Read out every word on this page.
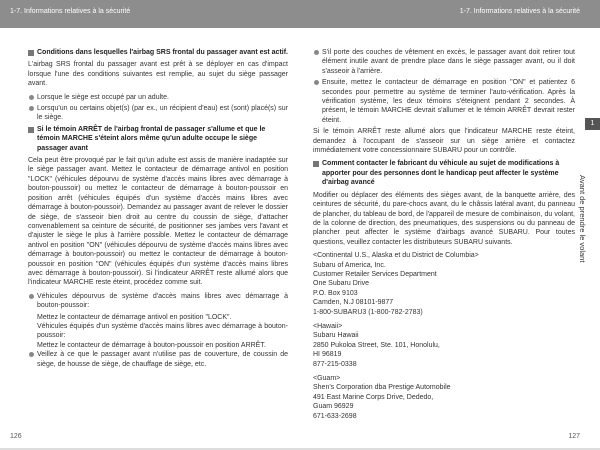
1-7. Informations relatives à la sécurité	1-7. Informations relatives à la sécurité
Conditions dans lesquelles l'airbag SRS frontal du passager avant est actif.

L'airbag SRS frontal du passager avant est prêt à se déployer en cas d'impact lorsque l'une des conditions suivantes est remplie, au sujet du siège passager avant.

Lorsque le siège est occupé par un adulte.
Lorsqu'un ou certains objet(s) (par ex., un récipient d'eau) est (sont) placé(s) sur le siège.
Si le témoin ARRÊT de l'airbag frontal de passager s'allume et que le témoin MARCHE s'éteint alors même qu'un adulte occupe le siège passager avant

Cela peut être provoqué par le fait qu'un adulte est assis de manière inadaptée sur le siège passager avant. Mettez le contacteur de démarrage antivol en position "LOCK" (véhicules dépourvu de système d'accès mains libres avec démarrage à bouton-poussoir) ou mettez le contacteur de démarrage à bouton-poussoir en position arrêt (véhicules équipés d'un système d'accès mains libres avec démarrage à bouton-poussoir). Demandez au passager avant de relever le dossier de siège, de s'asseoir bien droit au centre du coussin de siège, d'attacher convenablement sa ceinture de sécurité, de positionner ses jambes vers l'avant et d'ajuster le siège le plus à l'arrière possible. Mettez le contacteur de démarrage antivol en position "ON" (véhicules dépourvu de système d'accès mains libres avec démarrage à bouton-poussoir) ou mettez le contacteur de démarrage à bouton-poussoir en position "ON" (véhicules équipés d'un système d'accès mains libres avec démarrage à bouton-poussoir). Si l'indicateur ARRÊT reste allumé alors que l'indicateur MARCHE reste éteint, procédez comme suit.

Véhicules dépourvus de système d'accès mains libres avec démarrage à bouton-poussoir:
Mettez le contacteur de démarrage antivol en position "LOCK".
Véhicules équipés d'un système d'accès mains libres avec démarrage à bouton-poussoir:
Mettez le contacteur de démarrage à bouton-poussoir en position ARRÊT.
Veillez à ce que le passager avant n'utilise pas de couverture, de coussin de siège, de housse de siège, de chauffage de siège, etc.
S'il porte des couches de vêtement en excès, le passager avant doit retirer tout élément inutile avant de prendre place dans le siège passager avant, ou il doit s'asseoir à l'arrière.
Ensuite, mettez le contacteur de démarrage en position "ON" et patientez 6 secondes pour permettre au système de terminer l'auto-vérification. Après la vérification système, les deux témoins s'éteignent pendant 2 secondes. À présent, le témoin MARCHE devrait s'allumer et le témoin ARRÊT devrait rester éteint.

Si le témoin ARRÊT reste allumé alors que l'indicateur MARCHE reste éteint, demandez à l'occupant de s'asseoir sur un siège arrière et contactez immédiatement votre concessionnaire SUBARU pour un contrôle.

Comment contacter le fabricant du véhicule au sujet de modifications à apporter pour des personnes dont le handicap peut affecter le système d'airbag avancé

Modifier ou déplacer des éléments des sièges avant, de la banquette arrière, des ceintures de sécurité, du pare-chocs avant, du le châssis latéral avant, du panneau de plancher, du tableau de bord, de l'appareil de mesure de combinaison, du volant, de la colonne de direction, des pneumatiques, des suspensions ou du panneau de plancher peut affecter le système d'airbags avancé SUBARU. Pour toutes questions, veuillez contacter les distributeurs SUBARU suivants.

<Continental U.S., Alaska et du District de Columbia>
Subaru of America, Inc.
Customer Retailer Services Department
One Subaru Drive
P.O. Box 9103
Camden, N.J 08101-9877
1-800-SUBARU3 (1-800-782-2783)
<Hawaii>
Subaru Hawaii
2850 Pukoloa Street, Ste. 101, Honolulu,
HI 96819
877-215-0338
<Guam>
Shen's Corporation dba Prestige Automobile
491 East Marine Corps Drive, Dededo,
Guam 96929
671-633-2698
1
Avant de prendre le volant
126	127
